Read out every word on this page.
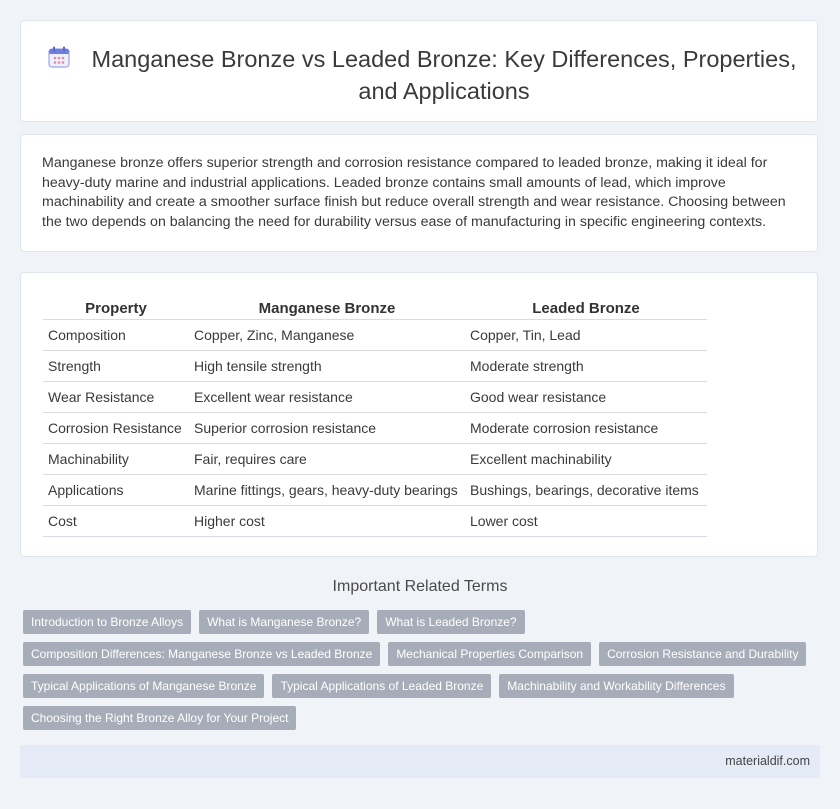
Manganese Bronze vs Leaded Bronze: Key Differences, Properties, and Applications

Manganese bronze offers superior strength and corrosion resistance compared to leaded bronze, making it ideal for heavy-duty marine and industrial applications. Leaded bronze contains small amounts of lead, which improve machinability and create a smoother surface finish but reduce overall strength and wear resistance. Choosing between the two depends on balancing the need for durability versus ease of manufacturing in specific engineering contexts.

Property	Manganese Bronze	Leaded Bronze

Composition	Copper, Zinc, Manganese	Copper, Tin, Lead
Strength	High tensile strength	Moderate strength
Wear Resistance	Excellent wear resistance	Good wear resistance
Corrosion Resistance	Superior corrosion resistance	Moderate corrosion resistance
Machinability	Fair, requires care	Excellent machinability
Applications	Marine fittings, gears, heavy-duty bearings	Bushings, bearings, decorative items
Cost	Higher cost	Lower cost
Important Related Terms
Introduction to Bronze Alloys	What is Manganese Bronze?	What is Leaded Bronze?
Composition Differences: Manganese Bronze vs Leaded Bronze	Mechanical Properties Comparison	Corrosion Resistance and Durability
Typical Applications of Manganese Bronze	Typical Applications of Leaded Bronze	Machinability and Workability Differences
Choosing the Right Bronze Alloy for Your Project
materialdif.com
